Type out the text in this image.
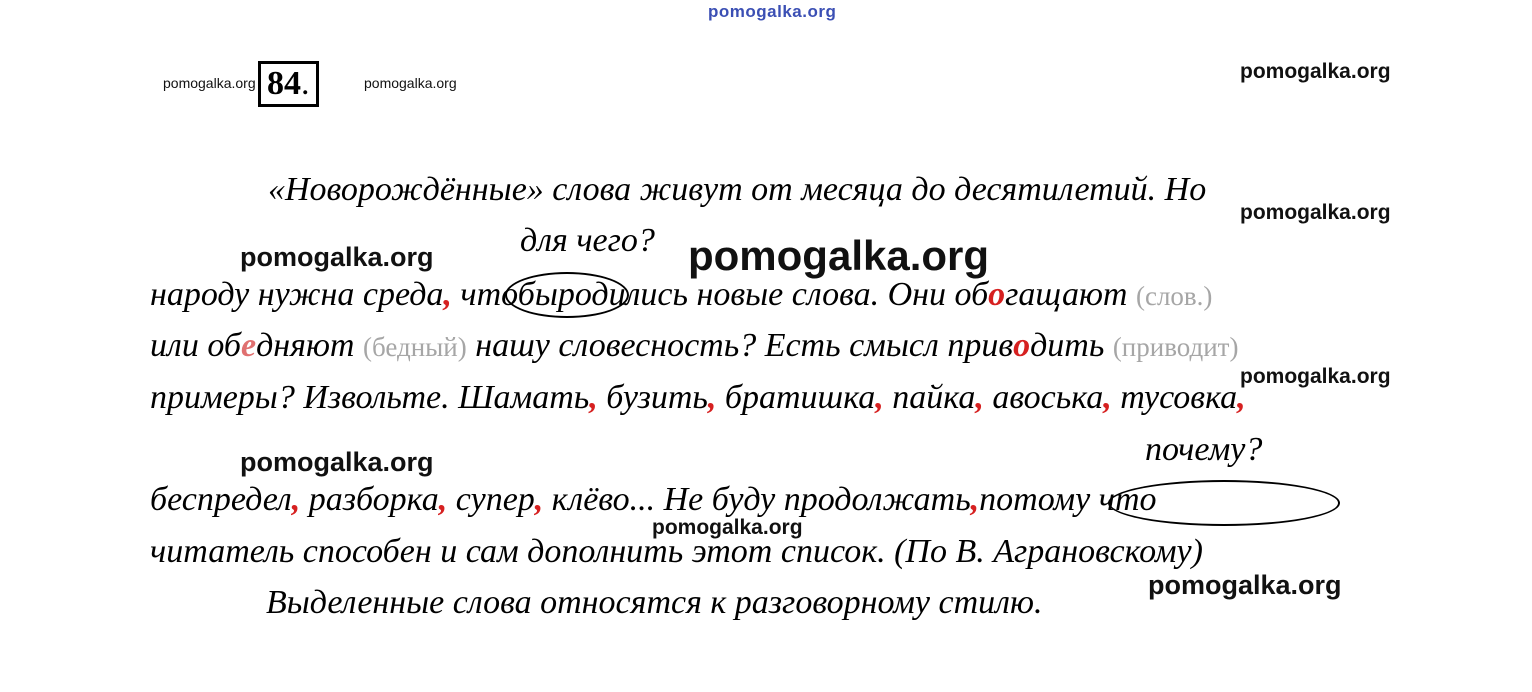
pomogalka.org
pomogalka.org	pomogalka.org	pomogalka.org
pomogalka.org
pomogalka.org	pomogalka.org
pomogalka.org
pomogalka.org
pomogalka.org
pomogalka.org
84.
«Новорождённые» слова живут от месяца до десятилетий. Но
для чего?
народу нужна среда, чтобыродились новые слова. Они обогащают (слов.)
или обедняют (бедный) нашу словесность? Есть смысл приводить (приводит)
примеры? Извольте. Шамать, бузить, братишка, пайка, авоська, тусовка,
почему?
беспредел, разборка, супер, клёво... Не буду продолжать,потому что
читатель способен и сам дополнить этот список. (По В. Аграновскому)
Выделенные слова относятся к разговорному стилю.
